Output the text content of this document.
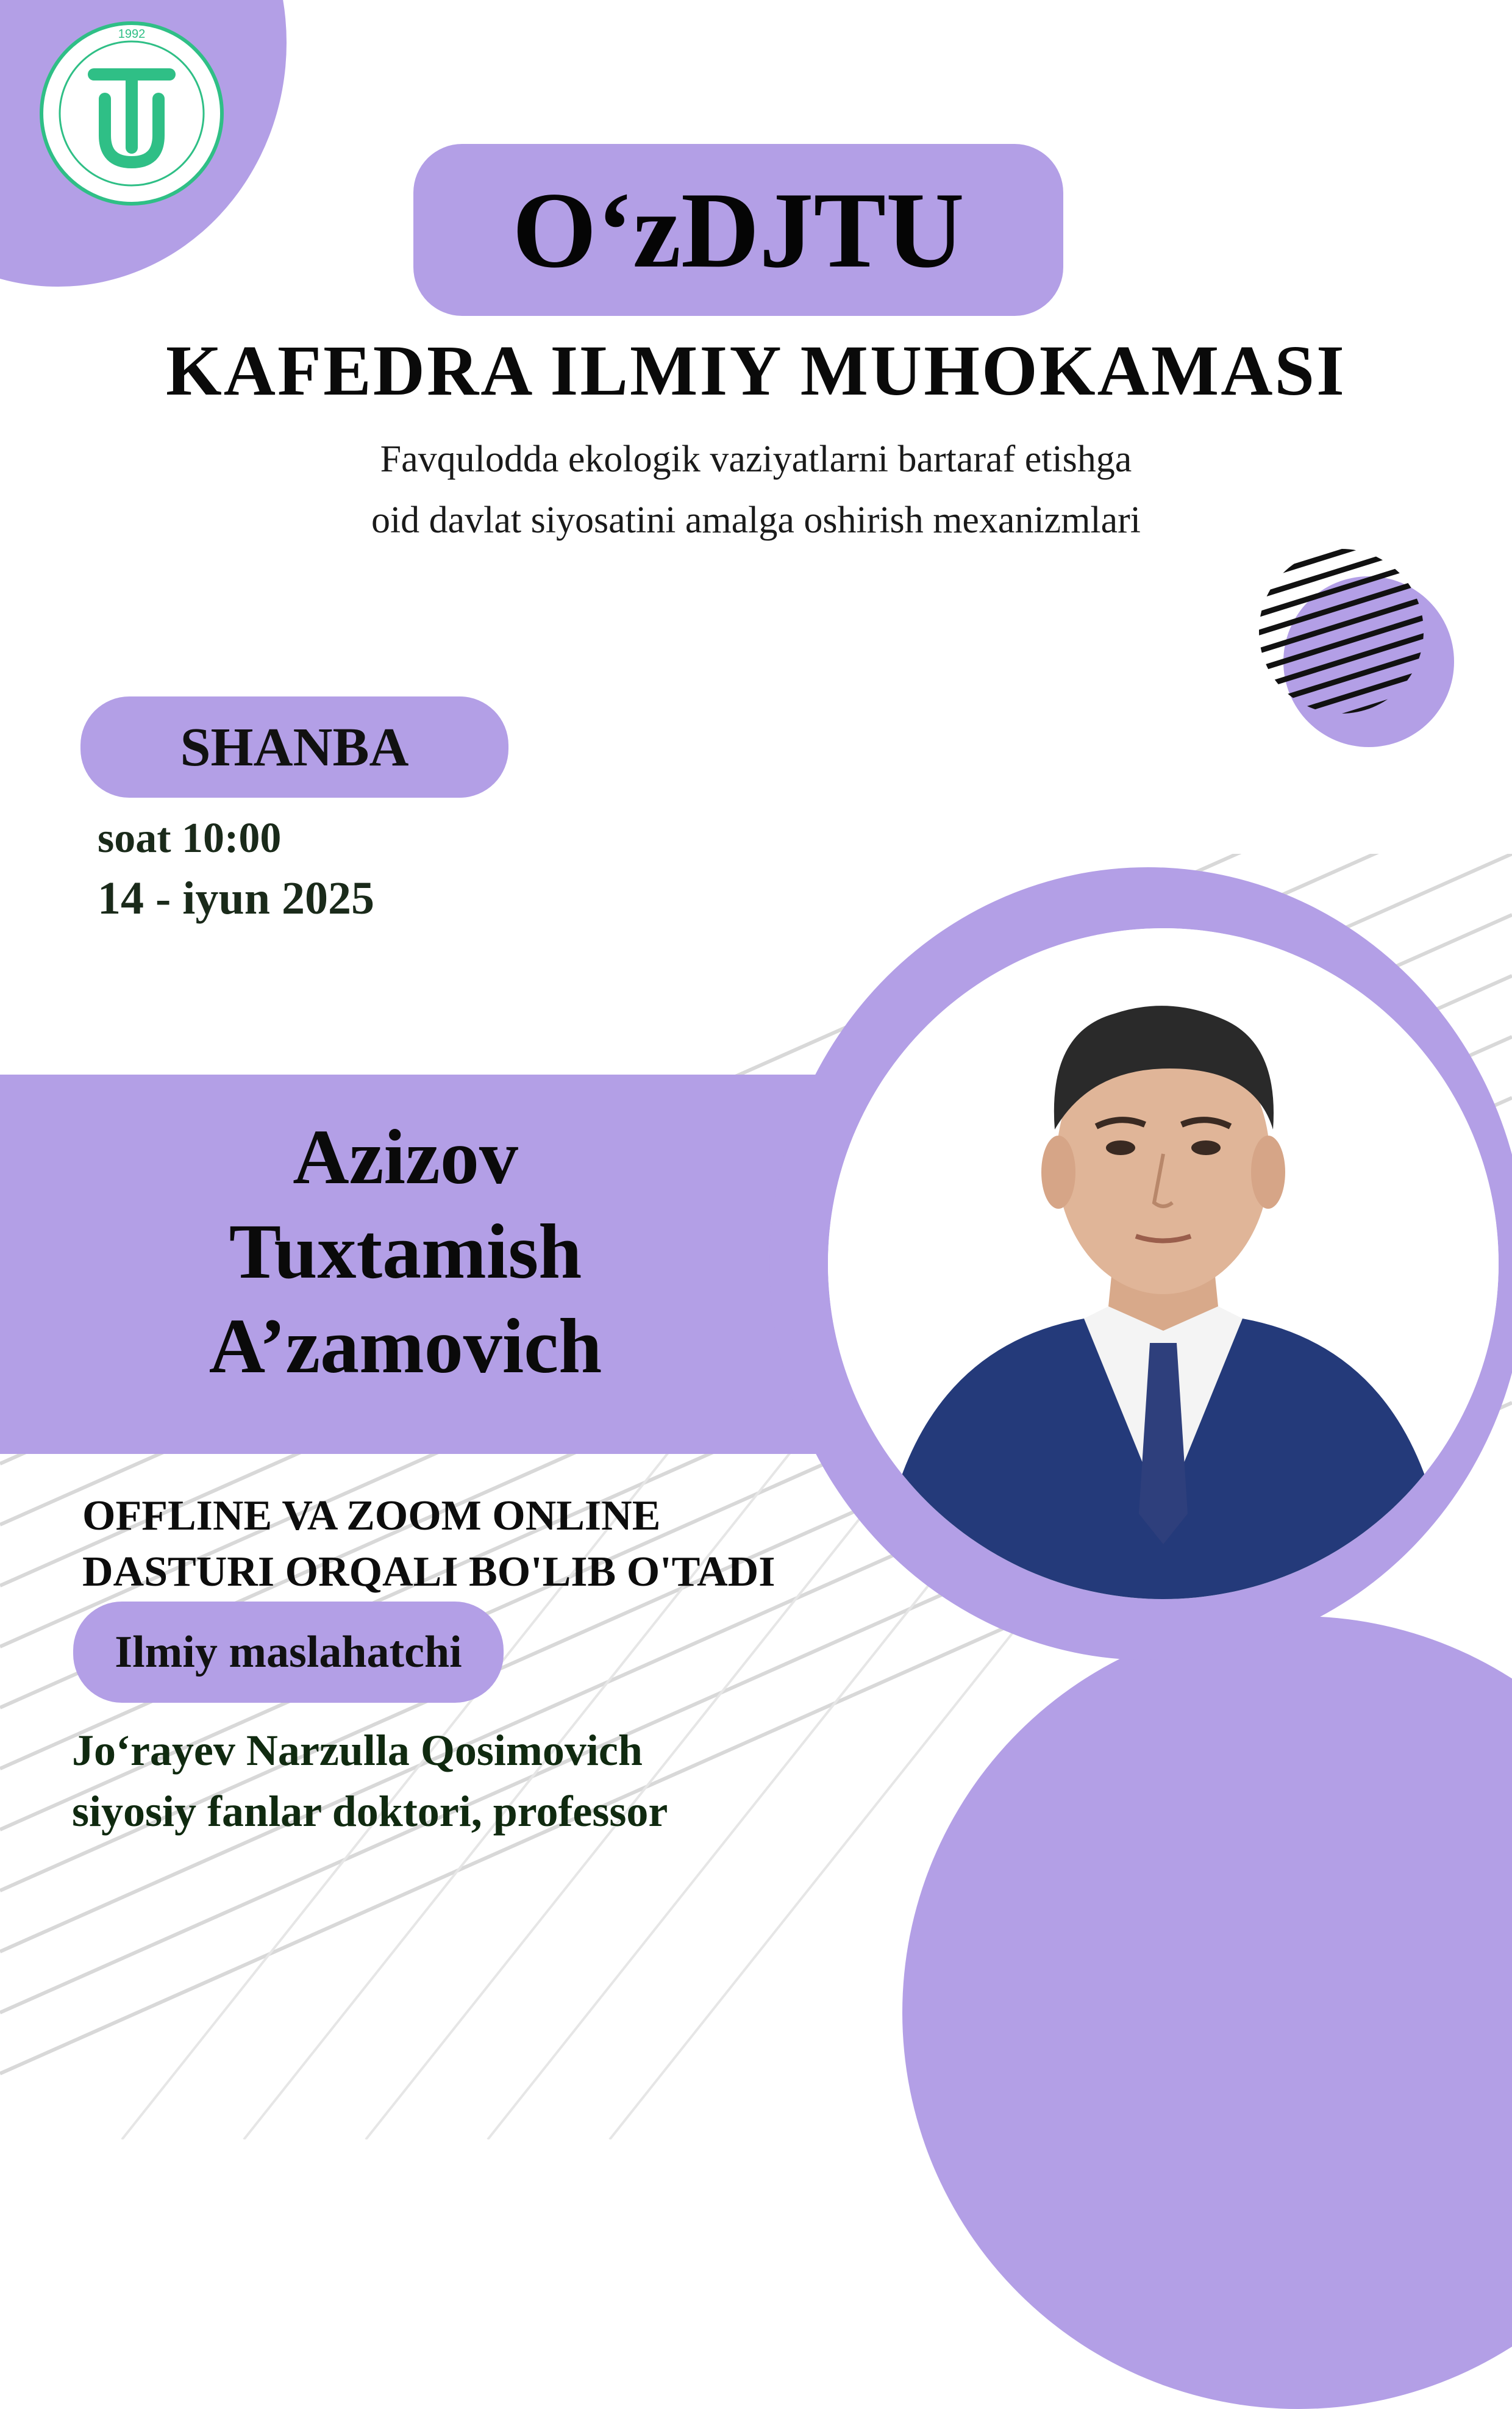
1992
O‘zDJTU
KAFEDRA ILMIY MUHOKAMASI
Favqulodda ekologik vaziyatlarni bartaraf etishga
oid davlat siyosatini amalga oshirish mexanizmlari
SHANBA
soat 10:00
14 - iyun 2025
Azizov
Tuxtamish
A’zamovich
OFFLINE VA ZOOM ONLINE
DASTURI ORQALI BO'LIB O'TADI
Ilmiy maslahatchi
Jo‘rayev Narzulla Qosimovich
siyosiy fanlar doktori, professor
